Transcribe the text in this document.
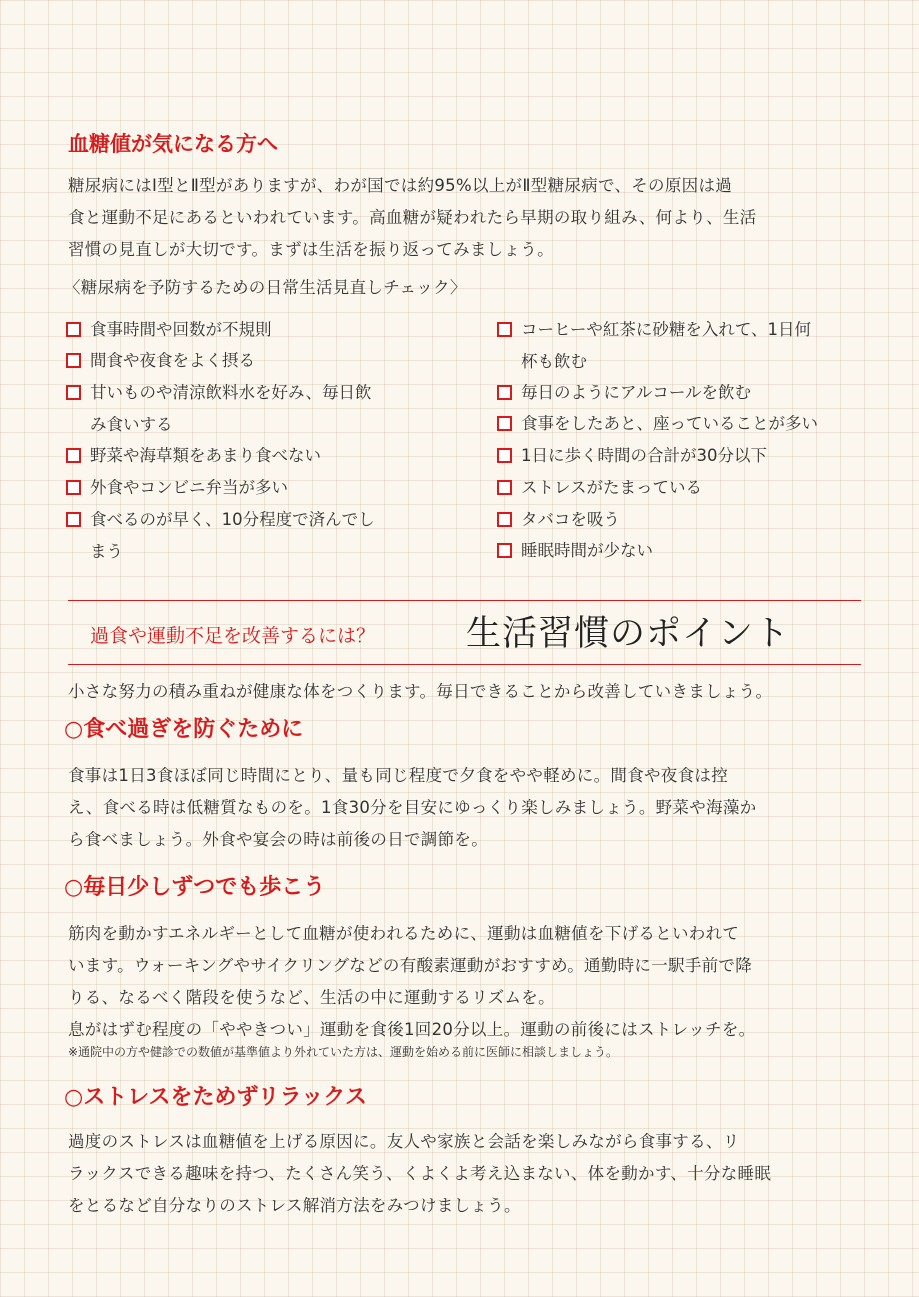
血糖値が気になる方へ
糖尿病にはⅠ型とⅡ型がありますが、わが国では約95%以上がⅡ型糖尿病で、その原因は過
食と運動不足にあるといわれています。高血糖が疑われたら早期の取り組み、何より、生活
習慣の見直しが大切です。まずは生活を振り返ってみましょう。
〈糖尿病を予防するための日常生活見直しチェック〉
食事時間や回数が不規則
間食や夜食をよく摂る
甘いものや清涼飲料水を好み、毎日飲
み食いする
野菜や海草類をあまり食べない
外食やコンビニ弁当が多い
食べるのが早く、10分程度で済んでし
まう
コーヒーや紅茶に砂糖を入れて、1日何
杯も飲む
毎日のようにアルコールを飲む
食事をしたあと、座っていることが多い
1日に歩く時間の合計が30分以下
ストレスがたまっている
タバコを吸う
睡眠時間が少ない
過食や運動不足を改善するには？	生活習慣のポイント
小さな努力の積み重ねが健康な体をつくります。毎日できることから改善していきましょう。
○食べ過ぎを防ぐために
食事は1日3食ほぼ同じ時間にとり、量も同じ程度で夕食をやや軽めに。間食や夜食は控
え、食べる時は低糖質なものを。1食30分を目安にゆっくり楽しみましょう。野菜や海藻か
ら食べましょう。外食や宴会の時は前後の日で調節を。
○毎日少しずつでも歩こう
筋肉を動かすエネルギーとして血糖が使われるために、運動は血糖値を下げるといわれて
います。ウォーキングやサイクリングなどの有酸素運動がおすすめ。通勤時に一駅手前で降
りる、なるべく階段を使うなど、生活の中に運動するリズムを。
息がはずむ程度の「ややきつい」運動を食後1回20分以上。運動の前後にはストレッチを。
※通院中の方や健診での数値が基準値より外れていた方は、運動を始める前に医師に相談しましょう。
○ストレスをためずリラックス
過度のストレスは血糖値を上げる原因に。友人や家族と会話を楽しみながら食事する、リ
ラックスできる趣味を持つ、たくさん笑う、くよくよ考え込まない、体を動かす、十分な睡眠
をとるなど自分なりのストレス解消方法をみつけましょう。
